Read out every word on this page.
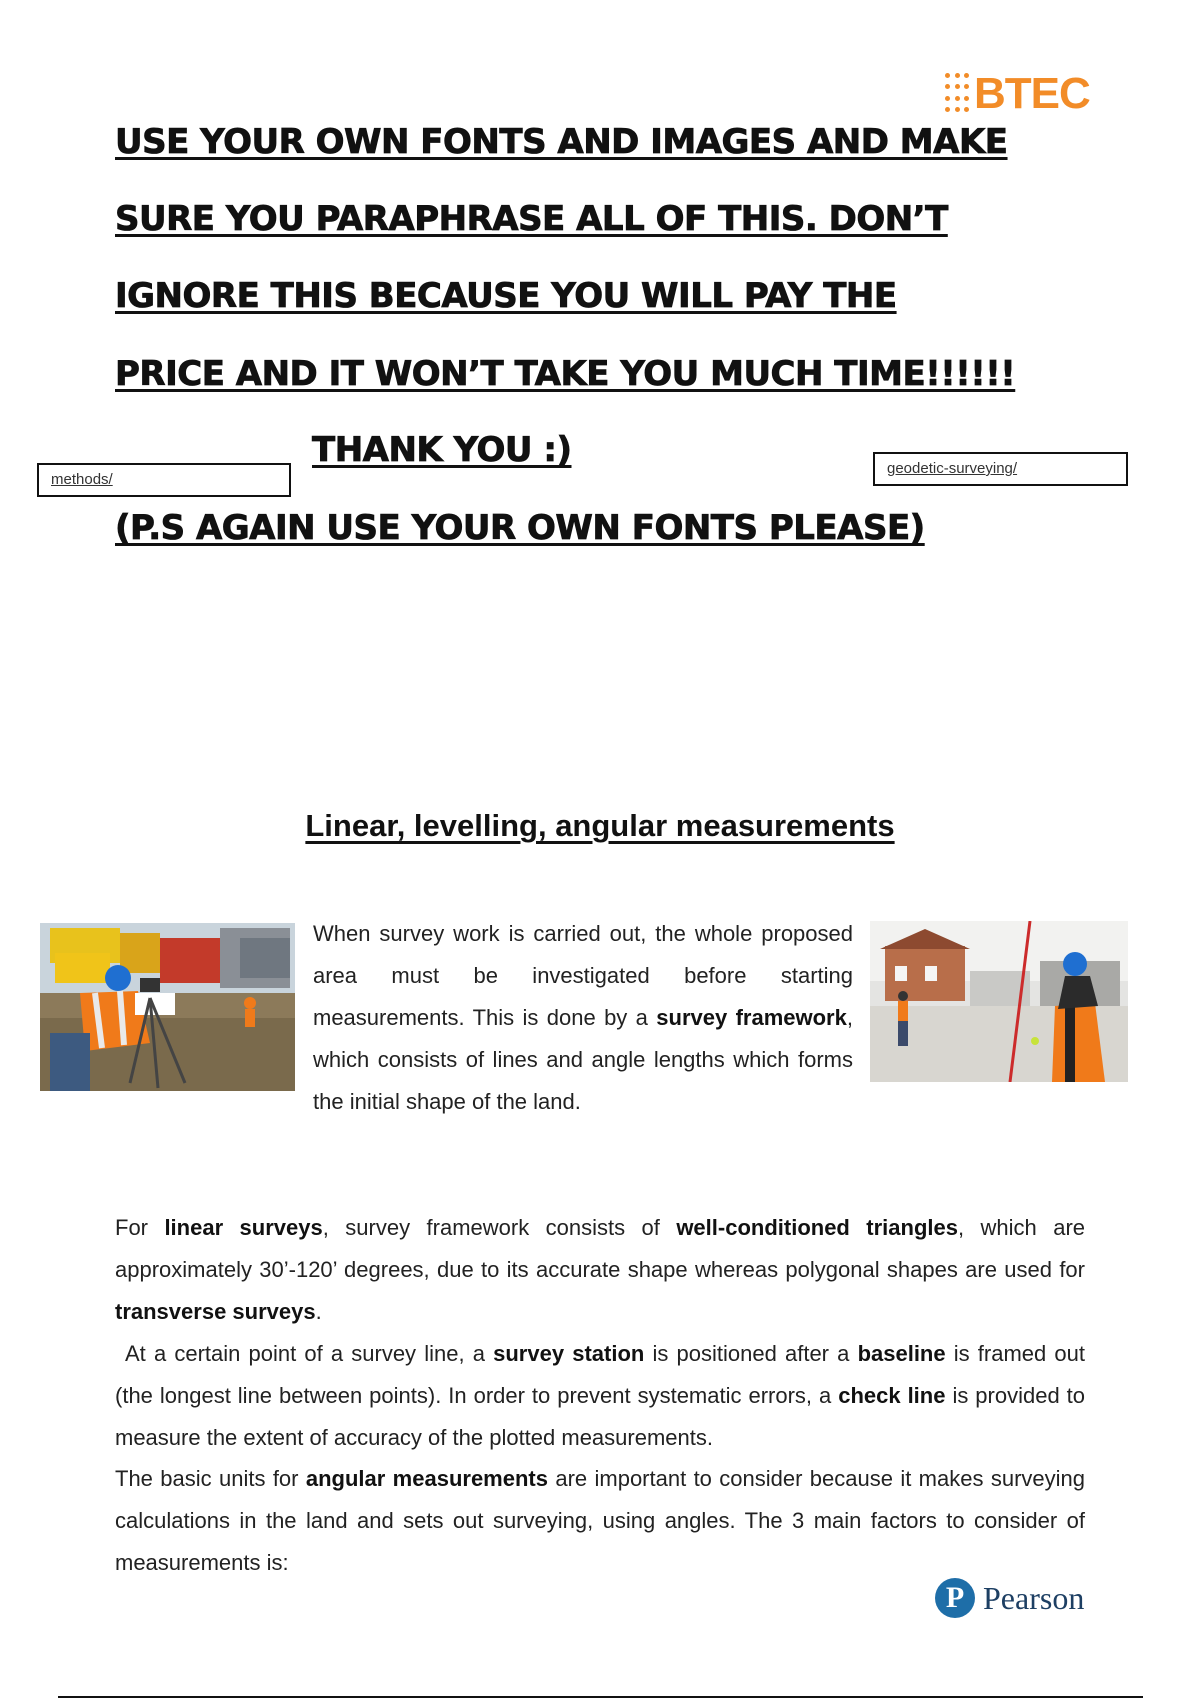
BTEC
USE YOUR OWN FONTS AND IMAGES AND MAKE
SURE YOU PARAPHRASE ALL OF THIS. DON’T
IGNORE THIS BECAUSE YOU WILL PAY THE
PRICE AND IT WON’T TAKE YOU MUCH TIME!!!!!!
THANK YOU :)
(P.S AGAIN USE YOUR OWN FONTS PLEASE)
methods/
geodetic-surveying/
Linear, levelling, angular measurements
When survey work is carried out, the whole proposed area must be investigated before starting measurements. This is done by a survey framework, which consists of lines and angle lengths which forms the initial shape of the land.
For linear surveys, survey framework consists of well-conditioned triangles, which are approximately 30’-120’ degrees, due to its accurate shape whereas polygonal shapes are used for transverse surveys.
At a certain point of a survey line, a survey station is positioned after a baseline is framed out (the longest line between points). In order to prevent systematic errors, a check line is provided to measure the extent of accuracy of the plotted measurements.
The basic units for angular measurements are important to consider because it makes surveying calculations in the land and sets out surveying, using angles. The 3 main factors to consider of measurements is:
P Pearson
